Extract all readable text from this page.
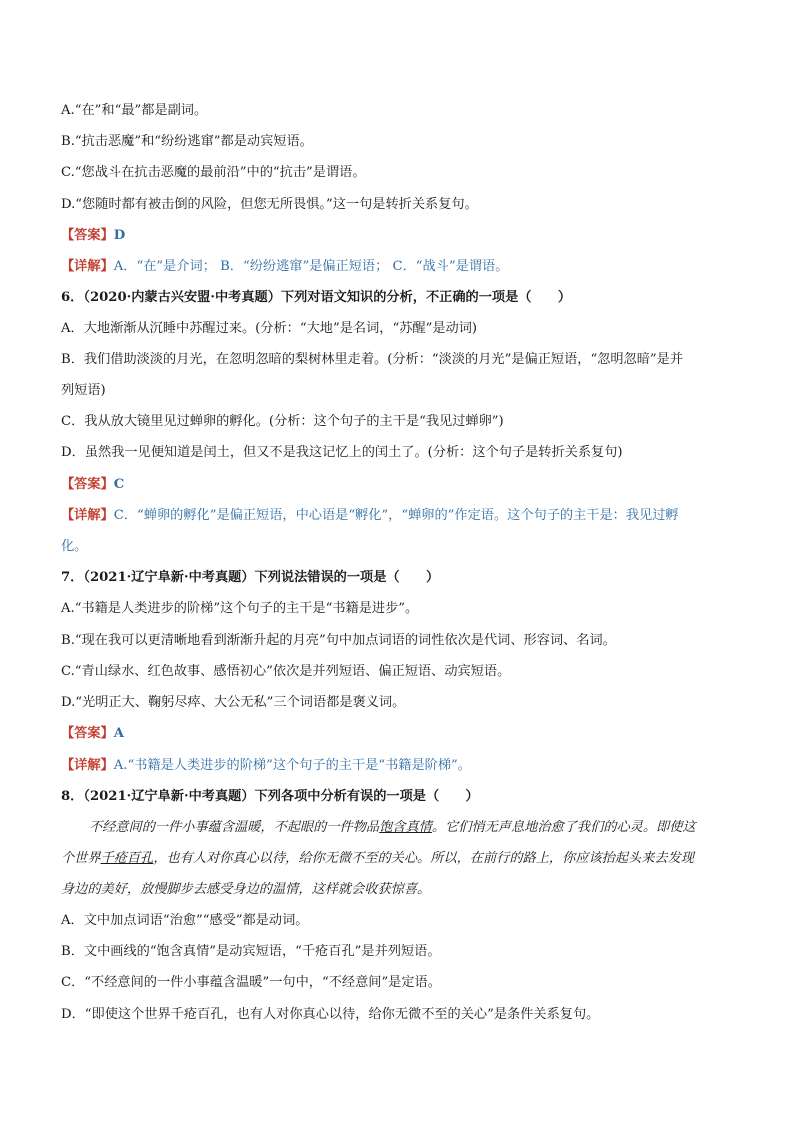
A.“在”和“最”都是副词。
B.“抗击恶魔”和“纷纷逃窜”都是动宾短语。
C.“您战斗在抗击恶魔的最前沿”中的“抗击”是谓语。
D.“您随时都有被击倒的风险，但您无所畏惧。”这一句是转折关系复句。
【答案】D
【详解】A．“在”是介词； B．“纷纷逃窜”是偏正短语； C．“战斗”是谓语。
6．（2020·内蒙古兴安盟·中考真题）下列对语文知识的分析，不正确的一项是（　　）
A．大地渐渐从沉睡中苏醒过来。(分析：“大地”是名词，“苏醒”是动词)
B．我们借助淡淡的月光，在忽明忽暗的梨树林里走着。(分析：“淡淡的月光”是偏正短语，“忽明忽暗”是并
列短语)
C．我从放大镜里见过蝉卵的孵化。(分析：这个句子的主干是“我见过蝉卵”)
D．虽然我一见便知道是闰土，但又不是我这记忆上的闰土了。(分析：这个句子是转折关系复句)
【答案】C
【详解】C．“蝉卵的孵化”是偏正短语，中心语是“孵化”，“蝉卵的”作定语。这个句子的主干是：我见过孵
化。
7．（2021·辽宁阜新·中考真题）下列说法错误的一项是（　　）
A.“书籍是人类进步的阶梯”这个句子的主干是“书籍是进步”。
B.“现在我可以更清晰地看到渐渐升起的月亮”句中加点词语的词性依次是代词、形容词、名词。
C.“青山绿水、红色故事、感悟初心”依次是并列短语、偏正短语、动宾短语。
D.“光明正大、鞠躬尽瘁、大公无私”三个词语都是褒义词。
【答案】A
【详解】A.“书籍是人类进步的阶梯”这个句子的主干是“书籍是阶梯”。
8．（2021·辽宁阜新·中考真题）下列各项中分析有误的一项是（　　）
不经意间的一件小事蕴含温暖，不起眼的一件物品饱含真情。它们悄无声息地治愈了我们的心灵。即使这
个世界千疮百孔，也有人对你真心以待，给你无微不至的关心。所以，在前行的路上，你应该抬起头来去发现
身边的美好，放慢脚步去感受身边的温情，这样就会收获惊喜。
A．文中加点词语“治愈”“感受”都是动词。
B．文中画线的“饱含真情”是动宾短语，“千疮百孔”是并列短语。
C．“不经意间的一件小事蕴含温暖”一句中，“不经意间”是定语。
D．“即使这个世界千疮百孔，也有人对你真心以待，给你无微不至的关心”是条件关系复句。
